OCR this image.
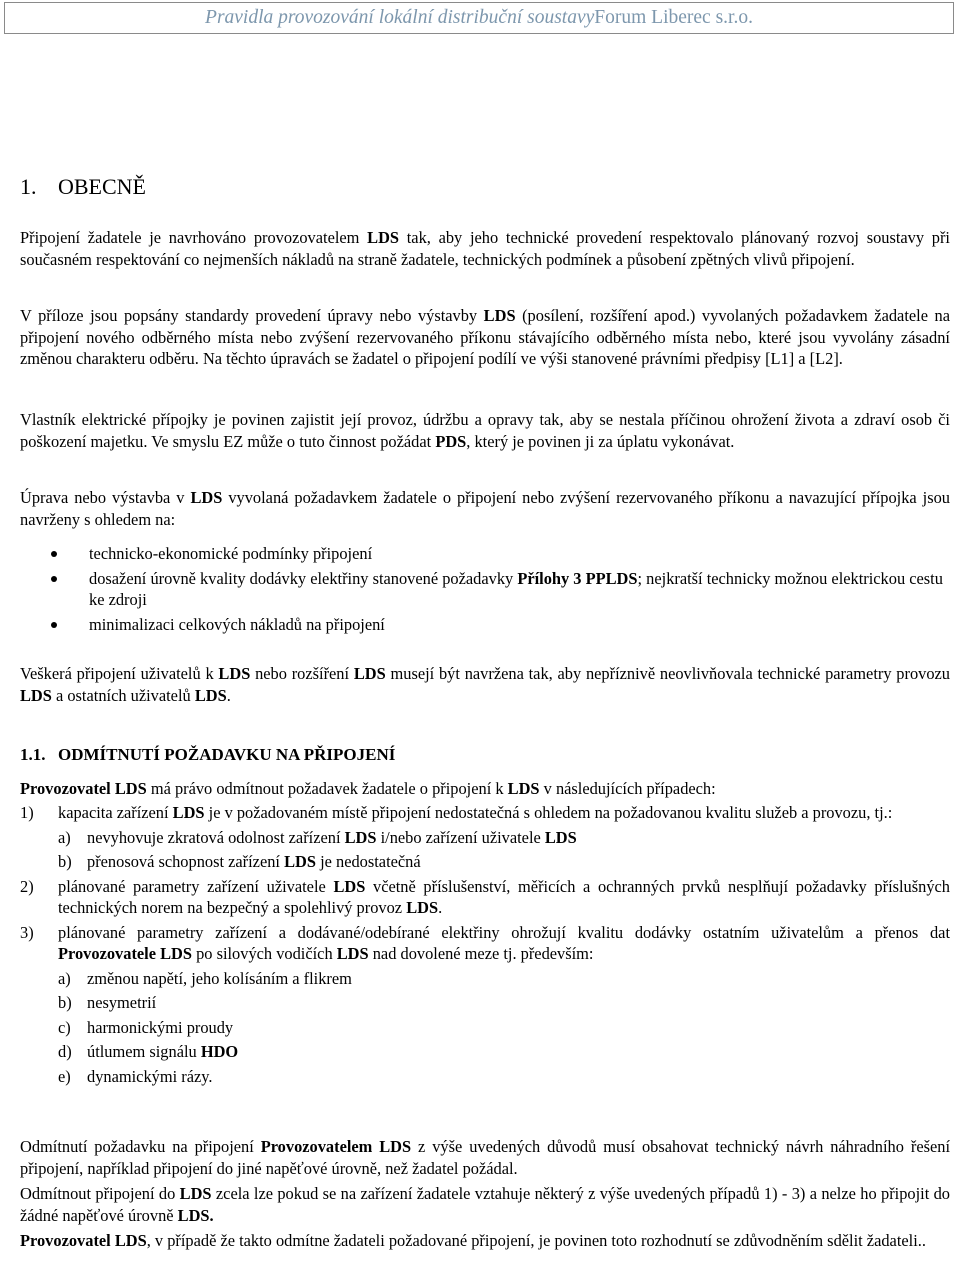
Pravidla provozování lokální distribuční soustavy Forum Liberec s.r.o.
1. OBECNĚ

Připojení žadatele je navrhováno provozovatelem LDS tak, aby jeho technické provedení respektovalo plánovaný rozvoj soustavy při současném respektování co nejmenších nákladů na straně žadatele, technických podmínek a působení zpětných vlivů připojení.

V příloze jsou popsány standardy provedení úpravy nebo výstavby LDS (posílení, rozšíření apod.) vyvolaných požadavkem žadatele na připojení nového odběrného místa nebo zvýšení rezervovaného příkonu stávajícího odběrného místa nebo, které jsou vyvolány zásadní změnou charakteru odběru. Na těchto úpravách se žadatel o připojení podílí ve výši stanovené právními předpisy [L1] a [L2].

Vlastník elektrické přípojky je povinen zajistit její provoz, údržbu a opravy tak, aby se nestala příčinou ohrožení života a zdraví osob či poškození majetku. Ve smyslu EZ může o tuto činnost požádat PDS, který je povinen ji za úplatu vykonávat.

Úprava nebo výstavba v LDS vyvolaná požadavkem žadatele o připojení nebo zvýšení rezervovaného příkonu a navazující přípojka jsou navrženy s ohledem na:

technicko-ekonomické podmínky připojení
dosažení úrovně kvality dodávky elektřiny stanovené požadavky Přílohy 3 PPLDS; nejkratší technicky možnou elektrickou cestu ke zdroji
minimalizaci celkových nákladů na připojení

Veškerá připojení uživatelů k LDS nebo rozšíření LDS musejí být navržena tak, aby nepříznivě neovlivňovala technické parametry provozu LDS a ostatních uživatelů LDS.

1.1. ODMÍTNUTÍ POŽADAVKU NA PŘIPOJENÍ

Provozovatel LDS má právo odmítnout požadavek žadatele o připojení k LDS v následujících případech:

1) kapacita zařízení LDS je v požadovaném místě připojení nedostatečná s ohledem na požadovanou kvalitu služeb a provozu, tj.:

a) nevyhovuje zkratová odolnost zařízení LDS i/nebo zařízení uživatele LDS
b) přenosová schopnost zařízení LDS je nedostatečná
2) plánované parametry zařízení uživatele LDS včetně příslušenství, měřicích a ochranných prvků nesplňují požadavky příslušných technických norem na bezpečný a spolehlivý provoz LDS.

3) plánované parametry zařízení a dodávané/odebírané elektřiny ohrožují kvalitu dodávky ostatním uživatelům a přenos dat Provozovatele LDS po silových vodičích LDS nad dovolené meze tj. především:

a) změnou napětí, jeho kolísáním a flikrem
b) nesymetrií
c) harmonickými proudy
d) útlumem signálu HDO
e) dynamickými rázy.

Odmítnutí požadavku na připojení Provozovatelem LDS z výše uvedených důvodů musí obsahovat technický návrh náhradního řešení připojení, například připojení do jiné napěťové úrovně, než žadatel požádal.

Odmítnout připojení do LDS zcela lze pokud se na zařízení žadatele vztahuje některý z výše uvedených případů 1) - 3) a nelze ho připojit do žádné napěťové úrovně LDS.

Provozovatel LDS, v případě že takto odmítne žadateli požadované připojení, je povinen toto rozhodnutí se zdůvodněním sdělit žadateli..
